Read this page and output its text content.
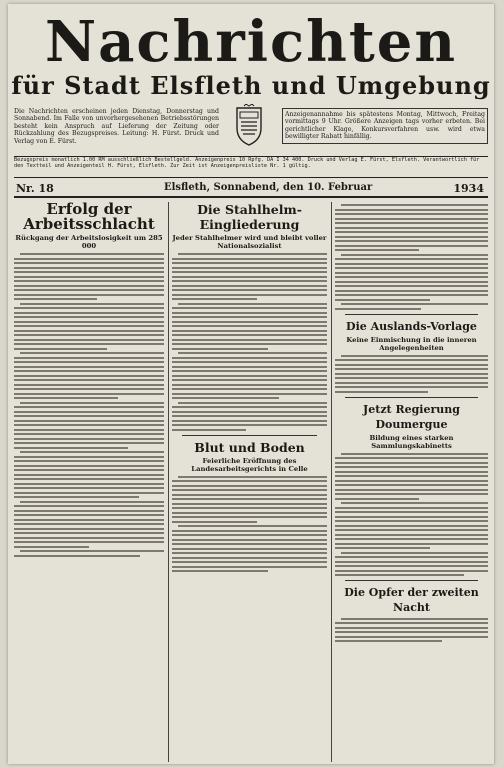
Nachrichten
für Stadt Elsfleth und Umgebung
Die Nachrichten erscheinen jeden Dienstag, Donnerstag und Sonnabend. Im Falle von unvorhergesehenen Betriebsstörungen besteht kein Anspruch auf Lieferung der Zeitung oder Rückzahlung des Bezugspreises. Leitung: H. Fürst. Druck und Verlag von E. Fürst.
Anzeigenannahme bis spätestens Montag, Mittwoch, Freitag vormittags 9 Uhr. Größere Anzeigen tags vorher erbeten. Bei gerichtlicher Klage, Konkursverfahren usw. wird etwa bewilligter Rabatt hinfällig.
Bezugspreis monatlich 1.00 RM ausschließlich Bestellgeld. Anzeigenpreis 10 Rpfg. DA I 34 400. Druck und Verlag E. Fürst, Elsfleth. Verantwortlich für den Textteil und Anzeigenteil H. Fürst, Elsfleth. Zur Zeit ist Anzeigenpreisliste Nr. 1 gültig.
Nr. 18	Elsfleth, Sonnabend, den 10. Februar	1934
Erfolg der Arbeitsschlacht
Rückgang der Arbeitslosigkeit um 285 000
Die Stahlhelm-Eingliederung
Jeder Stahlhelmer wird und bleibt voller Nationalsozialist
Blut und Boden
Feierliche Eröffnung des Landesarbeitsgerichts in Celle
Die Auslands-Vorlage
Keine Einmischung in die inneren Angelegenheiten
Jetzt Regierung Doumergue
Bildung eines starken Sammlungskabinetts
Die Opfer der zweiten Nacht
